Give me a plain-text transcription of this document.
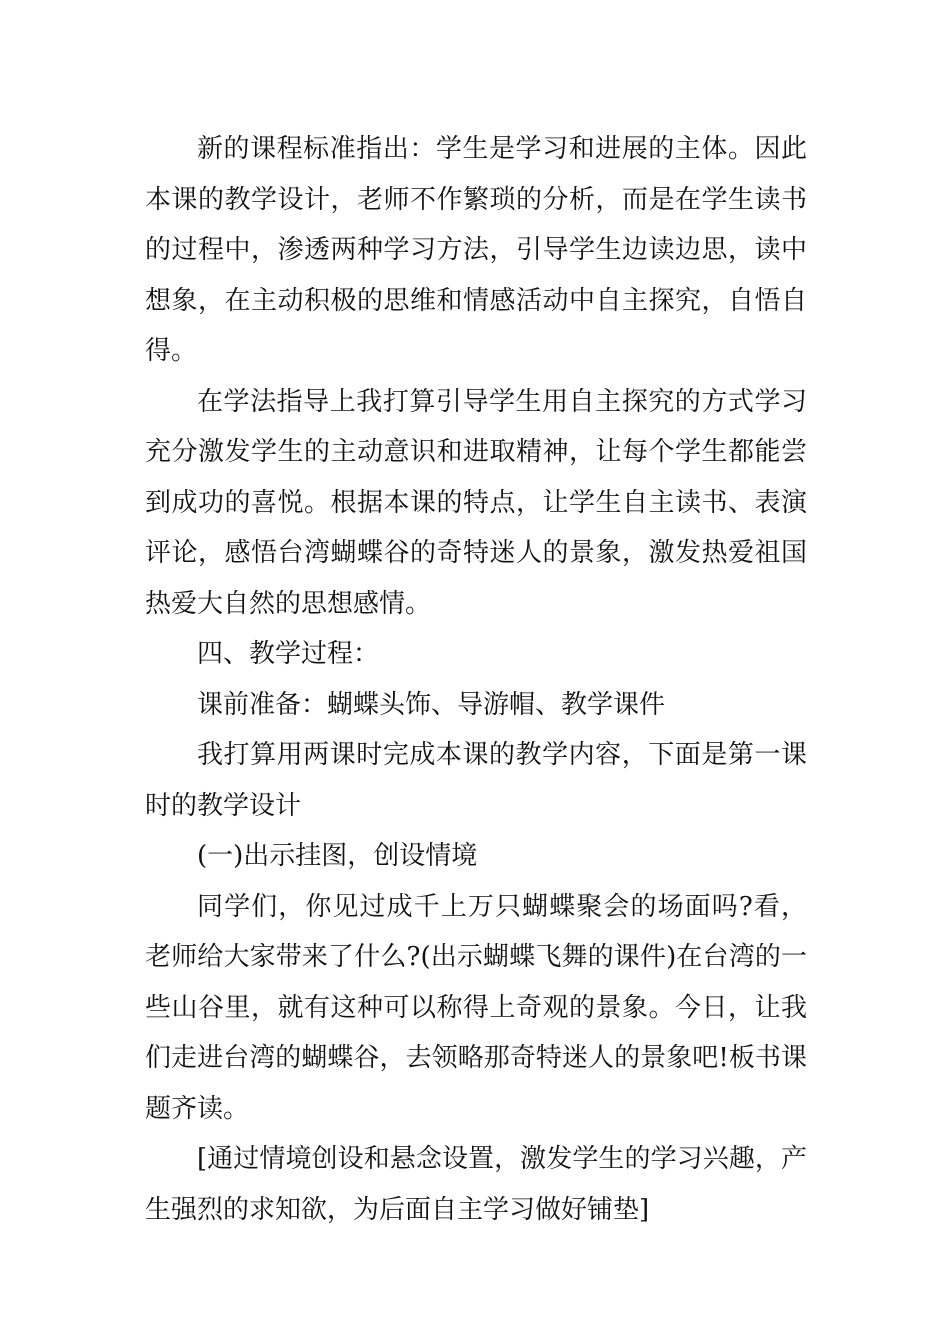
新的课程标准指出：学生是学习和进展的主体。因此本课的教学设计，老师不作繁琐的分析，而是在学生读书的过程中，渗透两种学习方法，引导学生边读边思，读中想象，在主动积极的思维和情感活动中自主探究，自悟自得。

在学法指导上我打算引导学生用自主探究的方式学习充分激发学生的主动意识和进取精神，让每个学生都能尝到成功的喜悦。根据本课的特点，让学生自主读书、表演评论，感悟台湾蝴蝶谷的奇特迷人的景象，激发热爱祖国热爱大自然的思想感情。

四、教学过程：

课前准备：蝴蝶头饰、导游帽、教学课件

我打算用两课时完成本课的教学内容，下面是第一课时的教学设计

(一)出示挂图，创设情境

同学们，你见过成千上万只蝴蝶聚会的场面吗?看，老师给大家带来了什么?(出示蝴蝶飞舞的课件)在台湾的一些山谷里，就有这种可以称得上奇观的景象。今日，让我们走进台湾的蝴蝶谷，去领略那奇特迷人的景象吧!板书课题齐读。

[通过情境创设和悬念设置，激发学生的学习兴趣，产生强烈的求知欲，为后面自主学习做好铺垫]
